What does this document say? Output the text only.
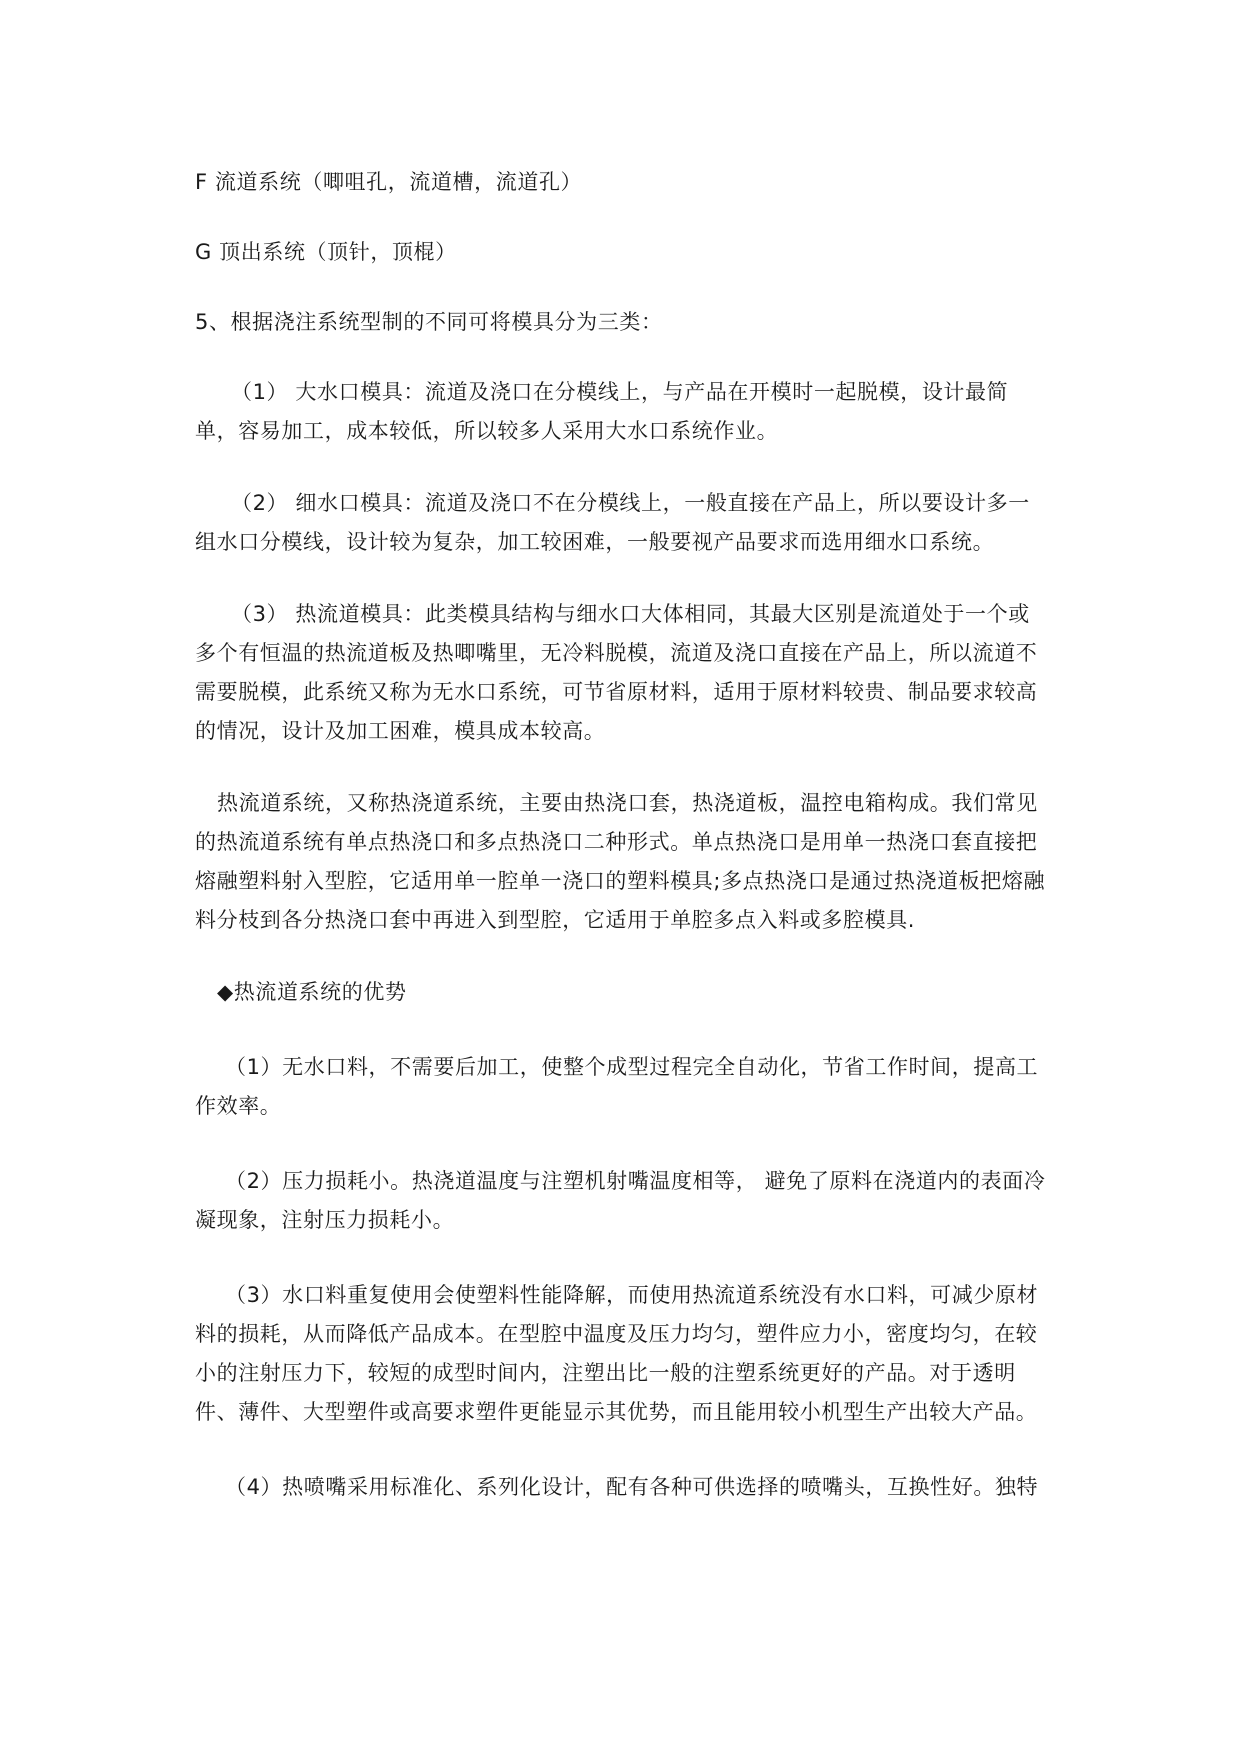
F 流道系统（唧咀孔，流道槽，流道孔）

G 顶出系统（顶针，顶棍）

5、根据浇注系统型制的不同可将模具分为三类：

（1） 大水口模具：流道及浇口在分模线上，与产品在开模时一起脱模，设计最简单，容易加工，成本较低，所以较多人采用大水口系统作业。

（2） 细水口模具：流道及浇口不在分模线上，一般直接在产品上，所以要设计多一组水口分模线，设计较为复杂，加工较困难，一般要视产品要求而选用细水口系统。

（3） 热流道模具：此类模具结构与细水口大体相同，其最大区别是流道处于一个或多个有恒温的热流道板及热唧嘴里，无冷料脱模，流道及浇口直接在产品上，所以流道不需要脱模，此系统又称为无水口系统，可节省原材料，适用于原材料较贵、制品要求较高的情况，设计及加工困难，模具成本较高。

热流道系统，又称热浇道系统，主要由热浇口套，热浇道板，温控电箱构成。我们常见的热流道系统有单点热浇口和多点热浇口二种形式。单点热浇口是用单一热浇口套直接把熔融塑料射入型腔，它适用单一腔单一浇口的塑料模具;多点热浇口是通过热浇道板把熔融料分枝到各分热浇口套中再进入到型腔，它适用于单腔多点入料或多腔模具.

◆热流道系统的优势

（1）无水口料，不需要后加工，使整个成型过程完全自动化，节省工作时间，提高工作效率。

（2）压力损耗小。热浇道温度与注塑机射嘴温度相等， 避免了原料在浇道内的表面冷凝现象，注射压力损耗小。

（3）水口料重复使用会使塑料性能降解，而使用热流道系统没有水口料，可减少原材料的损耗，从而降低产品成本。在型腔中温度及压力均匀，塑件应力小，密度均匀，在较小的注射压力下，较短的成型时间内，注塑出比一般的注塑系统更好的产品。对于透明件、薄件、大型塑件或高要求塑件更能显示其优势，而且能用较小机型生产出较大产品。

（4）热喷嘴采用标准化、系列化设计，配有各种可供选择的喷嘴头，互换性好。独特
